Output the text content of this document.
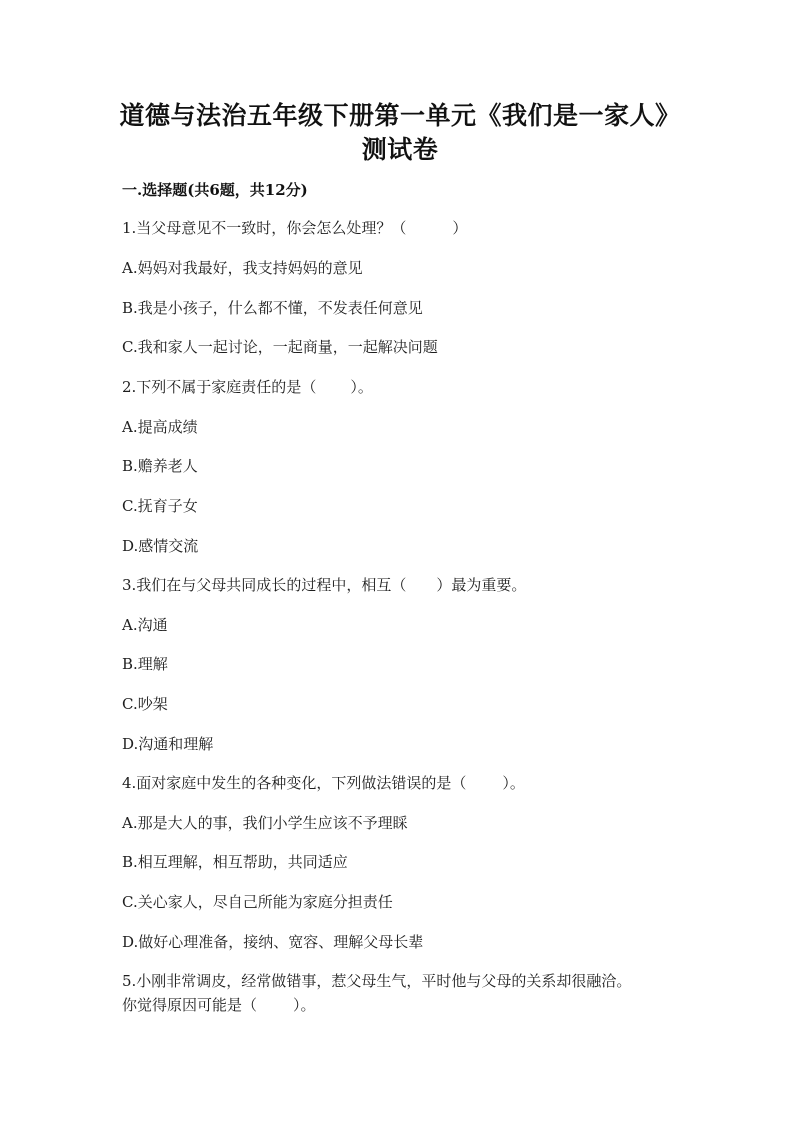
道德与法治五年级下册第一单元《我们是一家人》
测试卷
一.选择题(共6题，共12分)
1.当父母意见不一致时，你会怎么处理？（	）
A.妈妈对我最好，我支持妈妈的意见
B.我是小孩子，什么都不懂，不发表任何意见
C.我和家人一起讨论，一起商量，一起解决问题
2.下列不属于家庭责任的是（ ）。
A.提高成绩
B.赡养老人
C.抚育子女
D.感情交流
3.我们在与父母共同成长的过程中，相互（ ）最为重要。
A.沟通
B.理解
C.吵架
D.沟通和理解
4.面对家庭中发生的各种变化，下列做法错误的是（ ）。
A.那是大人的事，我们小学生应该不予理睬
B.相互理解，相互帮助，共同适应
C.关心家人，尽自己所能为家庭分担责任
D.做好心理准备，接纳、宽容、理解父母长辈
5.小刚非常调皮，经常做错事，惹父母生气，平时他与父母的关系却很融洽。
你觉得原因可能是（ ）。
